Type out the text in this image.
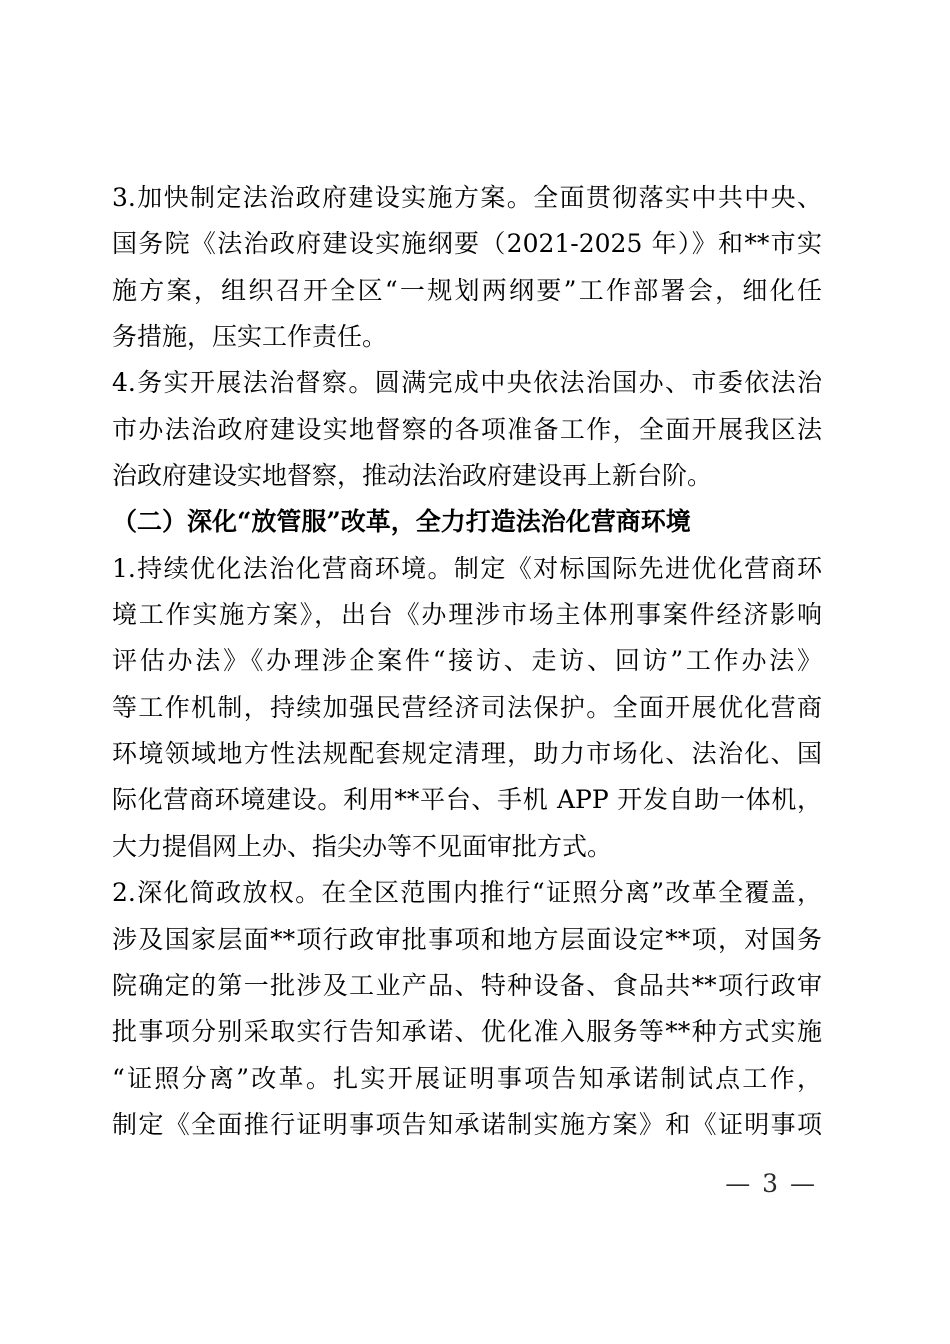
3.加快制定法治政府建设实施方案。全面贯彻落实中共中央、
国务院《法治政府建设实施纲要（2021-2025 年）》和**市实
施方案，组织召开全区“一规划两纲要”工作部署会，细化任
务措施，压实工作责任。
4.务实开展法治督察。圆满完成中央依法治国办、市委依法治
市办法治政府建设实地督察的各项准备工作，全面开展我区法
治政府建设实地督察，推动法治政府建设再上新台阶。
（二）深化“放管服”改革，全力打造法治化营商环境
1.持续优化法治化营商环境。制定《对标国际先进优化营商环
境工作实施方案》，出台《办理涉市场主体刑事案件经济影响
评估办法》《办理涉企案件“接访、走访、回访”工作办法》
等工作机制，持续加强民营经济司法保护。全面开展优化营商
环境领域地方性法规配套规定清理，助力市场化、法治化、国
际化营商环境建设。利用**平台、手机 APP 开发自助一体机，
大力提倡网上办、指尖办等不见面审批方式。
2.深化简政放权。在全区范围内推行“证照分离”改革全覆盖，
涉及国家层面**项行政审批事项和地方层面设定**项，对国务
院确定的第一批涉及工业产品、特种设备、食品共**项行政审
批事项分别采取实行告知承诺、优化准入服务等**种方式实施
“证照分离”改革。扎实开展证明事项告知承诺制试点工作，
制定《全面推行证明事项告知承诺制实施方案》和《证明事项
— 3 —
